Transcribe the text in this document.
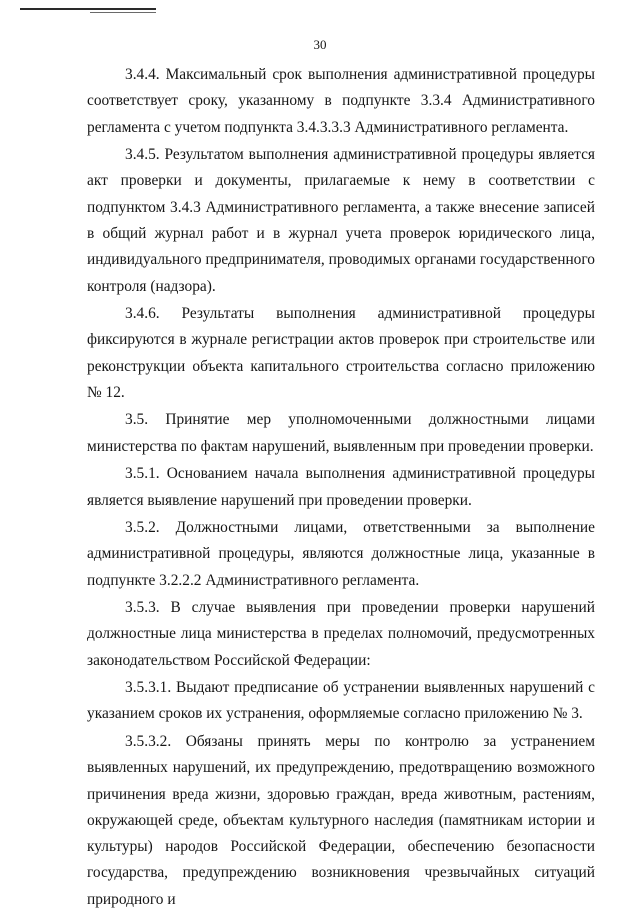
30

3.4.4. Максимальный срок выполнения административной процедуры соответствует сроку, указанному в подпункте 3.3.4 Административного регламента с учетом подпункта 3.4.3.3.3 Административного регламента.

3.4.5. Результатом выполнения административной процедуры является акт проверки и документы, прилагаемые к нему в соответствии с подпунктом 3.4.3 Административного регламента, а также внесение записей в общий журнал работ и в журнал учета проверок юридического лица, индивидуального предпринимателя, проводимых органами государственного контроля (надзора).

3.4.6. Результаты выполнения административной процедуры фиксируются в журнале регистрации актов проверок при строительстве или реконструкции объекта капитального строительства согласно приложению № 12.

3.5. Принятие мер уполномоченными должностными лицами министерства по фактам нарушений, выявленным при проведении проверки.

3.5.1. Основанием начала выполнения административной процедуры является выявление нарушений при проведении проверки.

3.5.2. Должностными лицами, ответственными за выполнение административной процедуры, являются должностные лица, указанные в подпункте 3.2.2.2 Административного регламента.

3.5.3. В случае выявления при проведении проверки нарушений должностные лица министерства в пределах полномочий, предусмотренных законодательством Российской Федерации:

3.5.3.1. Выдают предписание об устранении выявленных нарушений с указанием сроков их устранения, оформляемые согласно приложению № 3.

3.5.3.2. Обязаны принять меры по контролю за устранением выявленных нарушений, их предупреждению, предотвращению возможного причинения вреда жизни, здоровью граждан, вреда животным, растениям, окружающей среде, объектам культурного наследия (памятникам истории и культуры) народов Российской Федерации, обеспечению безопасности государства, предупреждению возникновения чрезвычайных ситуаций природного и
